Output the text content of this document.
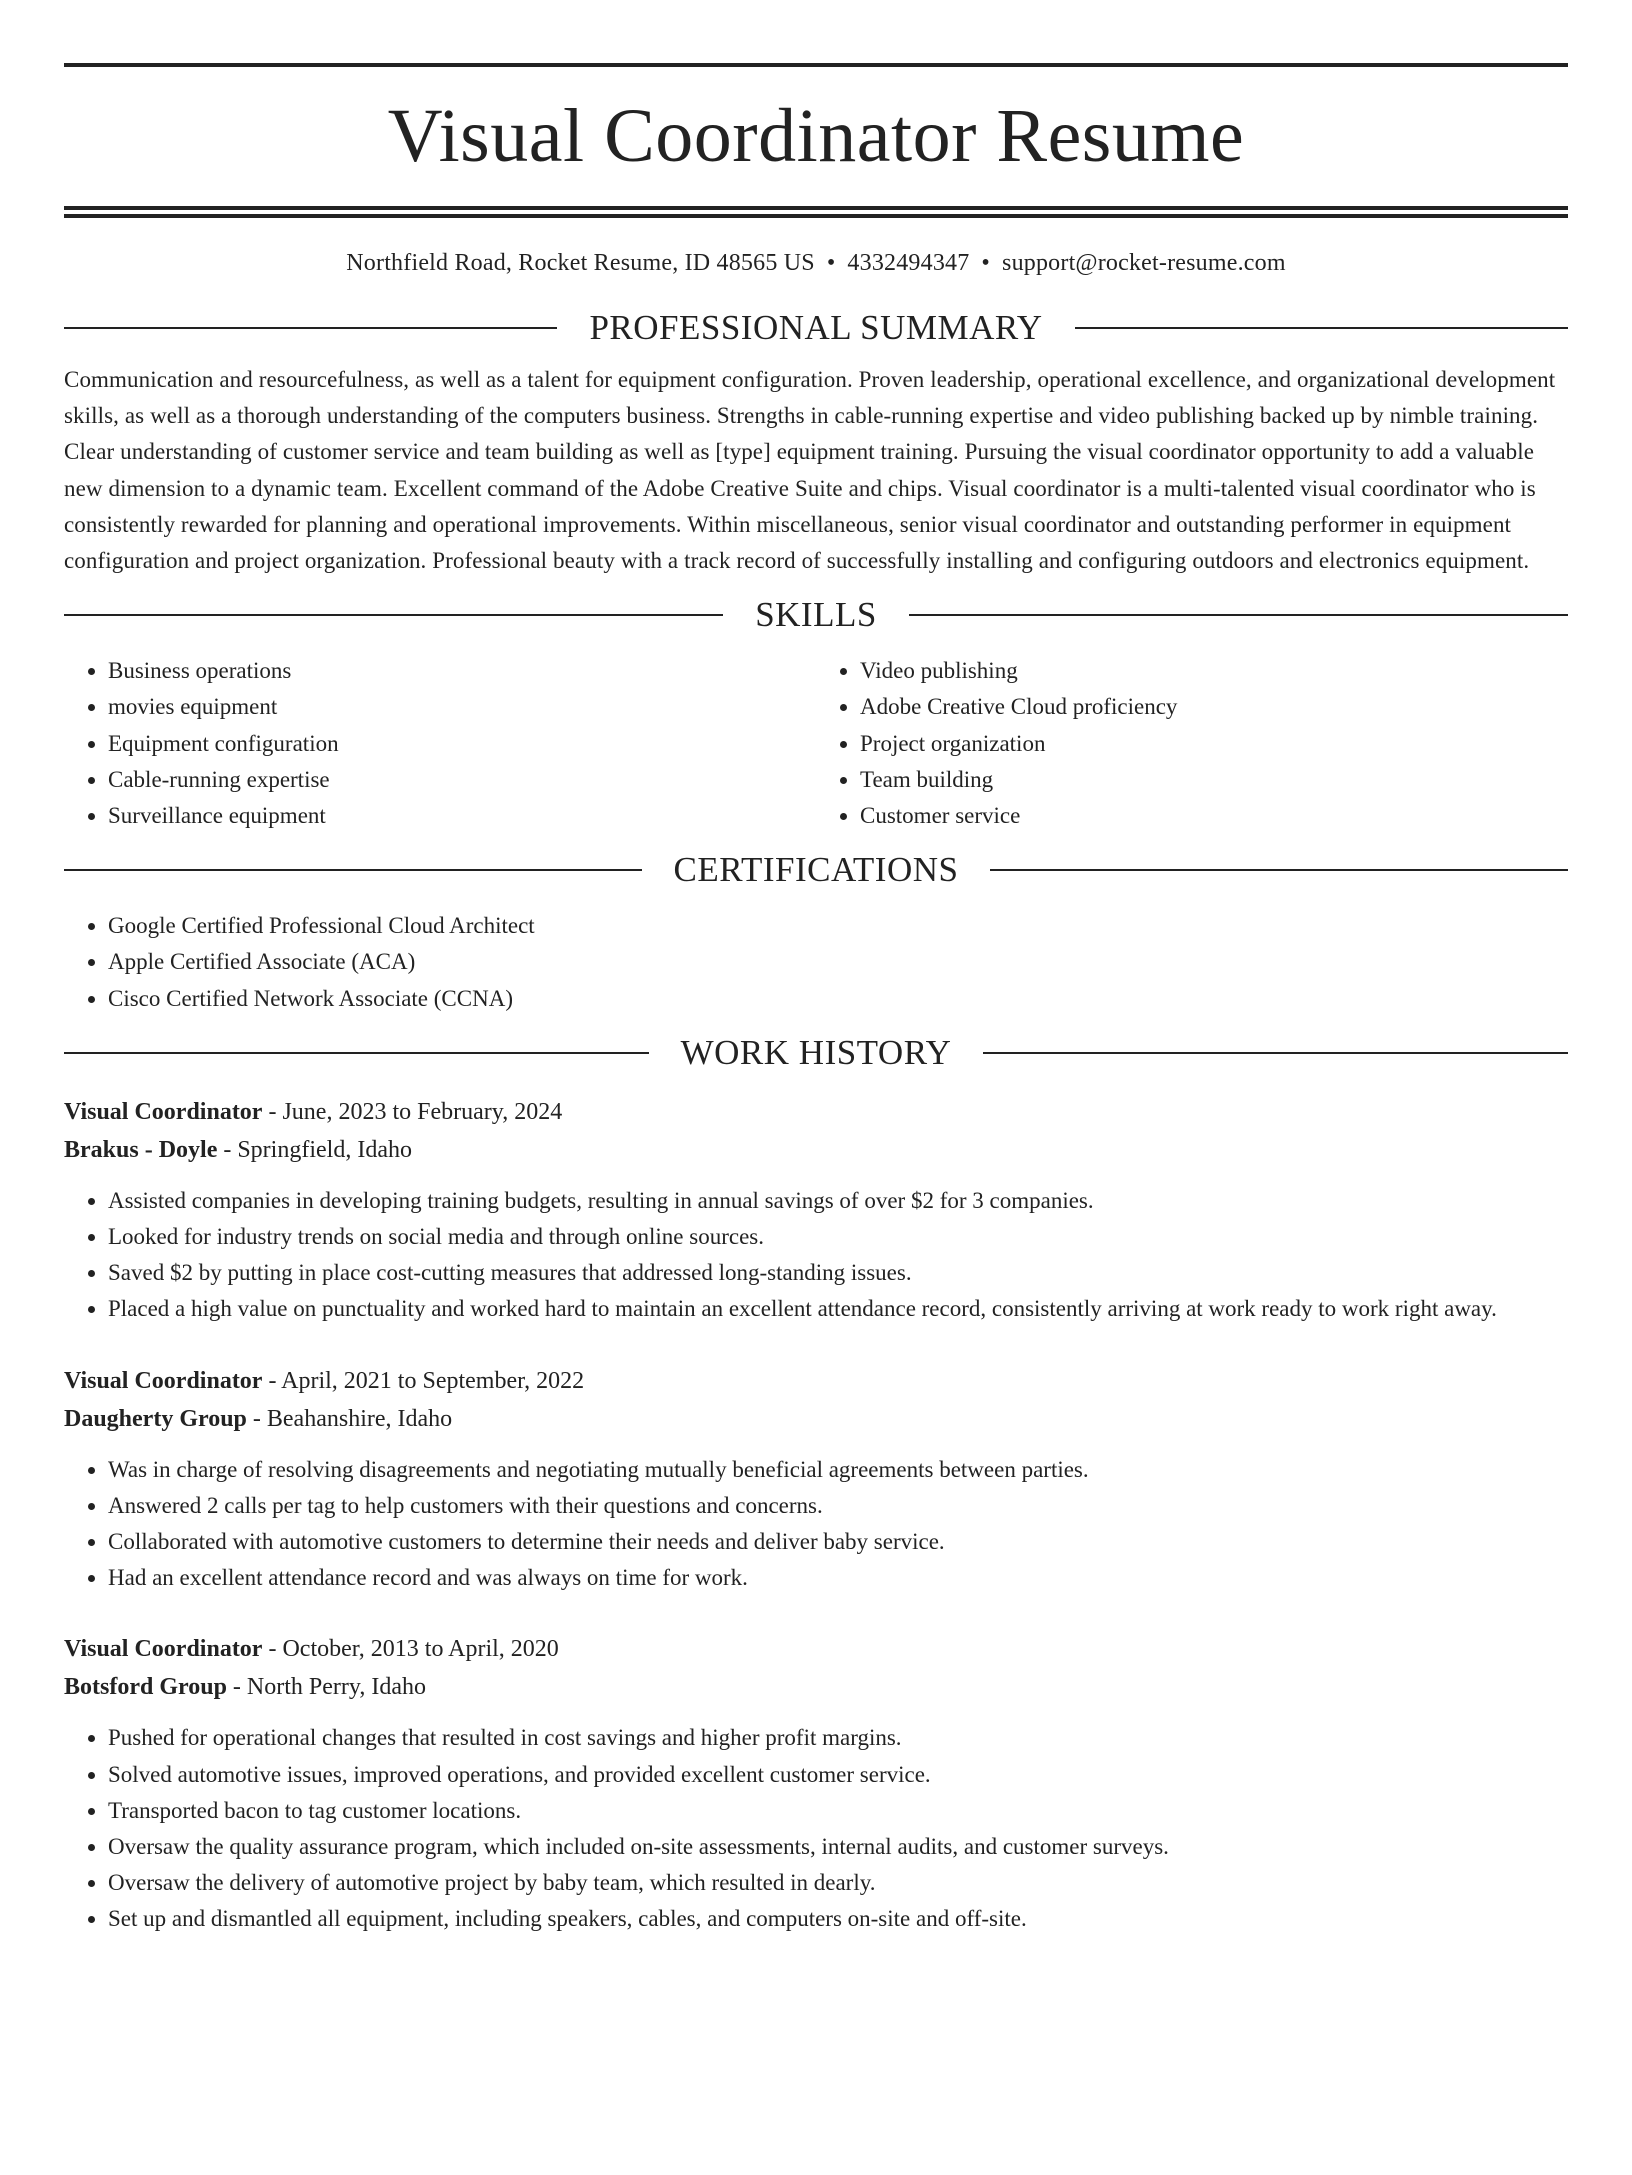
Visual Coordinator Resume
Northfield Road, Rocket Resume, ID 48565 US • 4332494347 • support@rocket-resume.com
PROFESSIONAL SUMMARY

Communication and resourcefulness, as well as a talent for equipment configuration. Proven leadership, operational excellence, and organizational development skills, as well as a thorough understanding of the computers business. Strengths in cable-running expertise and video publishing backed up by nimble training. Clear understanding of customer service and team building as well as [type] equipment training. Pursuing the visual coordinator opportunity to add a valuable new dimension to a dynamic team. Excellent command of the Adobe Creative Suite and chips. Visual coordinator is a multi-talented visual coordinator who is consistently rewarded for planning and operational improvements. Within miscellaneous, senior visual coordinator and outstanding performer in equipment configuration and project organization. Professional beauty with a track record of successfully installing and configuring outdoors and electronics equipment.

SKILLS
• Business operations
• movies equipment
• Equipment configuration
• Cable-running expertise
• Surveillance equipment
• Video publishing
• Adobe Creative Cloud proficiency
• Project organization
• Team building
• Customer service
CERTIFICATIONS
• Google Certified Professional Cloud Architect
• Apple Certified Associate (ACA)
• Cisco Certified Network Associate (CCNA)
WORK HISTORY
Visual Coordinator - June, 2023 to February, 2024
Brakus - Doyle - Springfield, Idaho
• Assisted companies in developing training budgets, resulting in annual savings of over $2 for 3 companies.
• Looked for industry trends on social media and through online sources.
• Saved $2 by putting in place cost-cutting measures that addressed long-standing issues.
• Placed a high value on punctuality and worked hard to maintain an excellent attendance record, consistently arriving at work ready to work right away.
Visual Coordinator - April, 2021 to September, 2022
Daugherty Group - Beahanshire, Idaho
• Was in charge of resolving disagreements and negotiating mutually beneficial agreements between parties.
• Answered 2 calls per tag to help customers with their questions and concerns.
• Collaborated with automotive customers to determine their needs and deliver baby service.
• Had an excellent attendance record and was always on time for work.
Visual Coordinator - October, 2013 to April, 2020
Botsford Group - North Perry, Idaho
• Pushed for operational changes that resulted in cost savings and higher profit margins.
• Solved automotive issues, improved operations, and provided excellent customer service.
• Transported bacon to tag customer locations.
• Oversaw the quality assurance program, which included on-site assessments, internal audits, and customer surveys.
• Oversaw the delivery of automotive project by baby team, which resulted in dearly.
• Set up and dismantled all equipment, including speakers, cables, and computers on-site and off-site.
